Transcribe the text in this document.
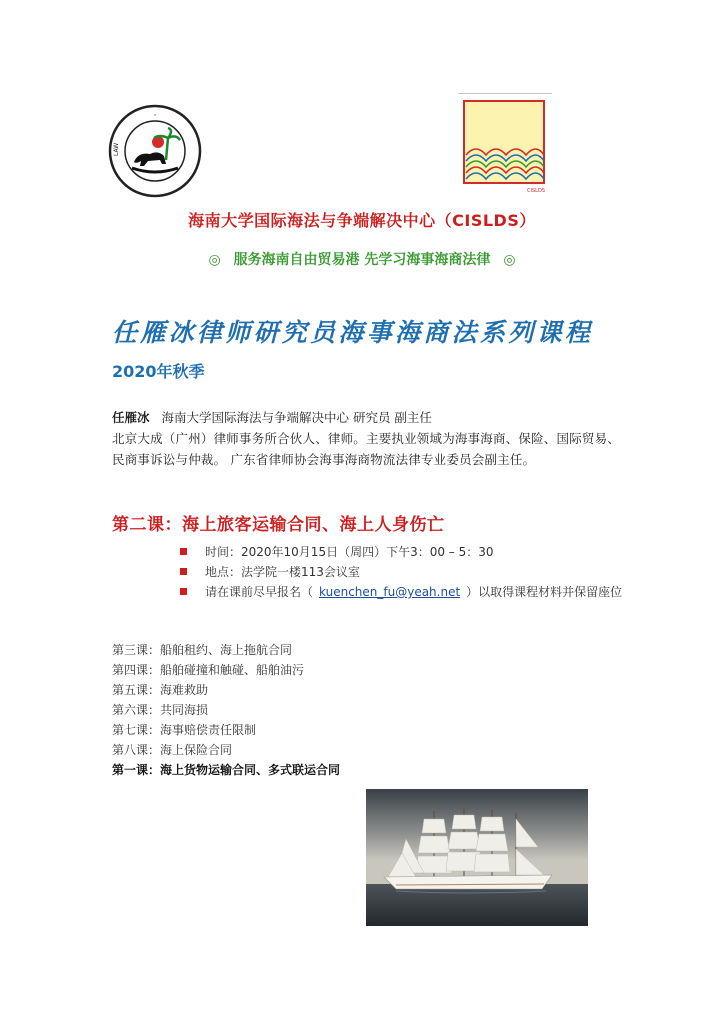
·
LAW
CISLDS
海南大学国际海法与争端解决中心（CISLDS）
◎ 服务海南自由贸易港 先学习海事海商法律 ◎
任雁冰律师研究员海事海商法系列课程
2020年秋季
任雁冰 海南大学国际海法与争端解决中心 研究员 副主任
北京大成（广州）律师事务所合伙人、律师。主要执业领域为海事海商、保险、国际贸易、民商事诉讼与仲裁。 广东省律师协会海事海商物流法律专业委员会副主任。
第二课：海上旅客运输合同、海上人身伤亡
时间：2020年10月15日（周四）下午3：00 – 5：30
地点：法学院一楼113会议室
请在课前尽早报名（ kuenchen_fu@yeah.net ）以取得课程材料并保留座位
第三课：船舶租约、海上拖航合同
第四课：船舶碰撞和触碰、船舶油污
第五课：海难救助
第六课：共同海损
第七课：海事赔偿责任限制
第八课：海上保险合同
第一课：海上货物运输合同、多式联运合同
